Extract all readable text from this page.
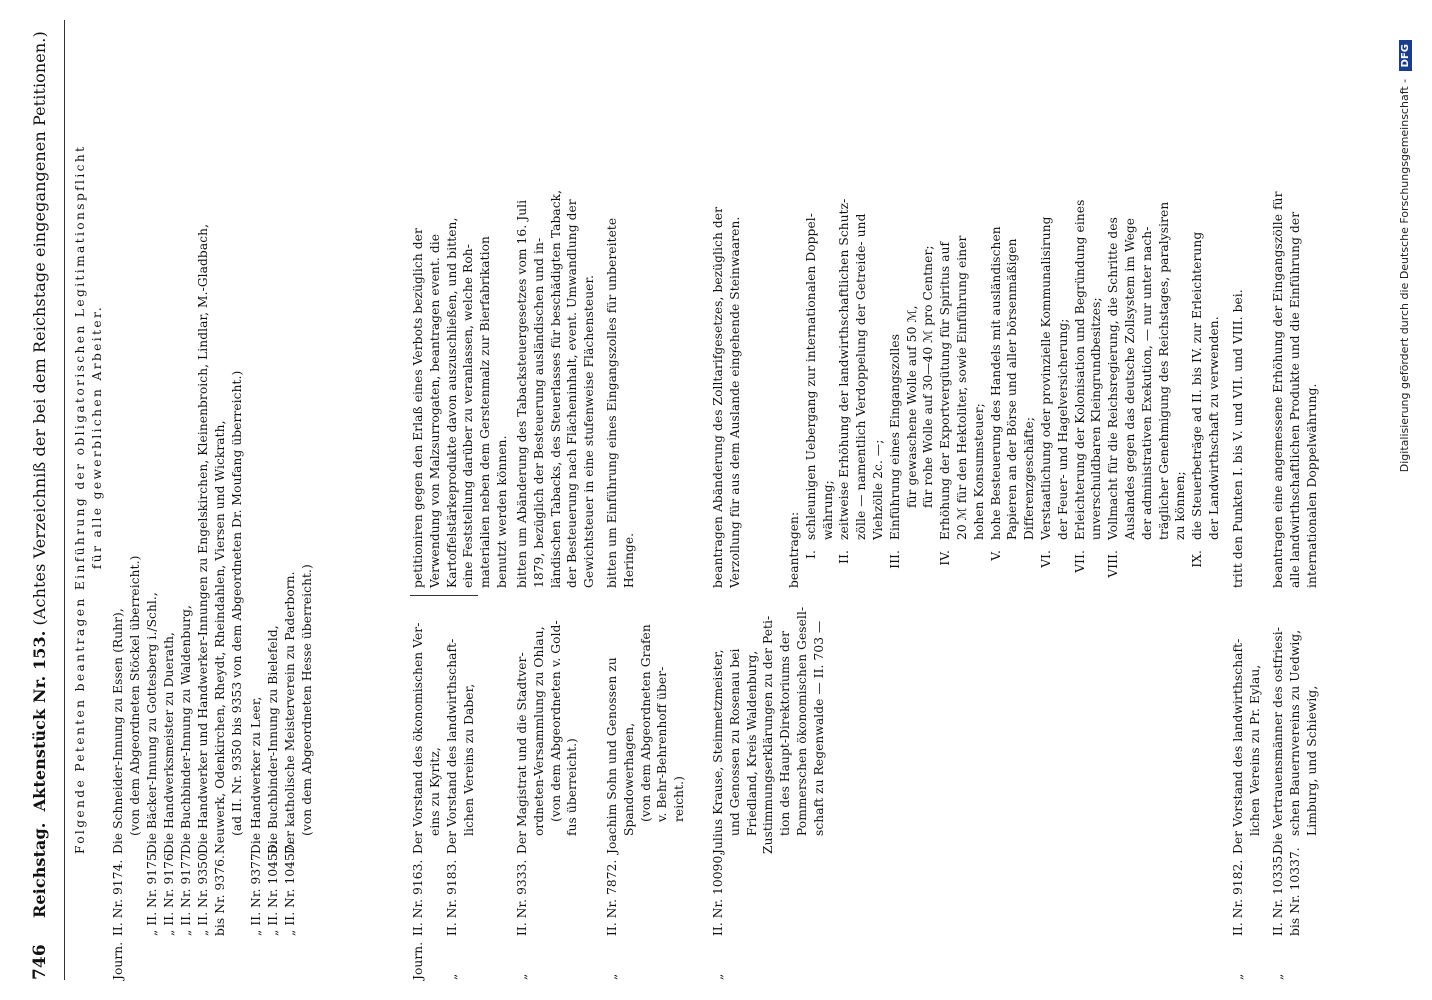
746
Reichstag. Aktenstück Nr. 153. (Achtes Verzeichniß der bei dem Reichstage eingegangenen Petitionen.) Folgende Petenten beantragen Einführung der obligatorischen Legitimationspflicht für alle gewerblichen Arbeiter.
Journ.
II. Nr. 9174.
Die Schneider-Innung zu Essen (Ruhr), (von dem Abgeordneten Stöckel überreicht.)
„ II. Nr. 9175.
Die Bäcker-Innung zu Gottesberg i./Schl.,
„ II. Nr. 9176.
Die Handwerksmeister zu Duerath,
„ II. Nr. 9177.
Die Buchbinder-Innung zu Waldenburg,
„ II. Nr. 9350.
Die Handwerker und Handwerker-Innungen zu Engelskirchen, Kleinenbroich, Lindlar, M.-Gladbach,
bis Nr. 9376.
Neuwerk, Odenkirchen, Rheydt, Rheindahlen, Viersen und Wickrath, (ad II. Nr. 9350 bis 9353 von dem Abgeordneten Dr. Moufang überreicht.)
„ II. Nr. 9377.
Die Handwerker zu Leer,
„ II. Nr. 10456.
Die Buchbinder-Innung zu Bielefeld,
„ II. Nr. 10457.
Der katholische Meisterverein zu Paderborn. (von dem Abgeordneten Hesse überreicht.)
Journ.
II. Nr. 9163.
Der Vorstand des ökonomischen Ver- eins zu Kyritz,
„
II. Nr. 9183.
Der Vorstand des landwirthschaft- lichen Vereins zu Daber,
petitioniren gegen den Erlaß eines Verbots bezüglich der Verwendung von Malzsurrogaten, beantragen event. die Kartoffelstärkeprodukte davon auszuschließen, und bitten, eine Feststellung darüber zu veranlassen, welche Roh- materialien neben dem Gerstenmalz zur Bierfabrikation benutzt werden können.
„
II. Nr. 9333.
Der Magistrat und die Stadtver- ordneten-Versammlung zu Ohlau, (von dem Abgeordneten v. Gold- fus überreicht.)
bitten um Abänderung des Tabacksteuergesetzes vom 16. Juli 1879, bezüglich der Besteuerung ausländischen und in- ländischen Tabacks, des Steuerlasses für beschädigten Taback, der Besteuerung nach Flächeninhalt, event. Umwandlung der Gewichtsteuer in eine stufenweise Flächensteuer.
„
II. Nr. 7872.
Joachim Sohn und Genossen zu Spandowerhagen, (von dem Abgeordneten Grafen v. Behr-Behrenhoff über- reicht.)
bitten um Einführung eines Eingangszolles für unbereitete Heringe.
„
II. Nr. 10090.
Julius Krause, Steinmetzmeister, und Genossen zu Rosenau bei Friedland, Kreis Waldenburg, Zustimmungserklärungen zu der Peti- tion des Haupt-Direktoriums der Pommerschen ökonomischen Gesell- schaft zu Regenwalde — II. 703 —
beantragen Abänderung des Zolltarifgesetzes, bezüglich der Verzollung für aus dem Auslande eingehende Steinwaaren.	beantragen: I.schleunigen Uebergang zur internationalen Doppel- währung;
II.zeitweise Erhöhung der landwirthschaftlichen Schutz- zölle — namentlich Verdoppelung der Getreide- und Viehzölle 2c. —;
III.Einführung eines Eingangszolles für gewaschene Wolle auf 50 ℳ, für rohe Wolle auf 30—40 ℳ pro Centner;
IV.Erhöhung der Exportvergütung für Spiritus auf 20 ℳ für den Hektoliter, sowie Einführung einer hohen Konsumsteuer;
V.hohe Besteuerung des Handels mit ausländischen Papieren an der Börse und aller börsenmäßigen Differenzgeschäfte;
VI.Verstaatlichung oder provinzielle Kommunalisirung der Feuer- und Hagelversicherung;
VII.Erleichterung der Kolonisation und Begründung eines unverschuldbaren Kleingrundbesitzes;
VIII.Vollmacht für die Reichsregierung, die Schritte des Auslandes gegen das deutsche Zollsystem im Wege der administrativen Exekution, — nur unter nach- träglicher Genehmigung des Reichstages, paralysiren zu können;
IX.die Steuerbeträge ad II. bis IV. zur Erleichterung der Landwirthschaft zu verwenden.
„
II. Nr. 9182.
Der Vorstand des landwirthschaft- lichen Vereins zu Pr. Eylau,
tritt den Punkten I. bis V. und VII. und VIII. bei.
„
II. Nr. 10335. bis Nr. 10337.
Die Vertrauensmänner des ostfriesi- schen Bauernvereins zu Uedwig, Limburg, und Schiewig,
beantragen eine angemessene Erhöhung der Eingangszölle für alle landwirthschaftlichen Produkte und die Einführung der internationalen Doppelwährung.
Digitalisierung gefördert durch die Deutsche Forschungsgemeinschaft - DFG
